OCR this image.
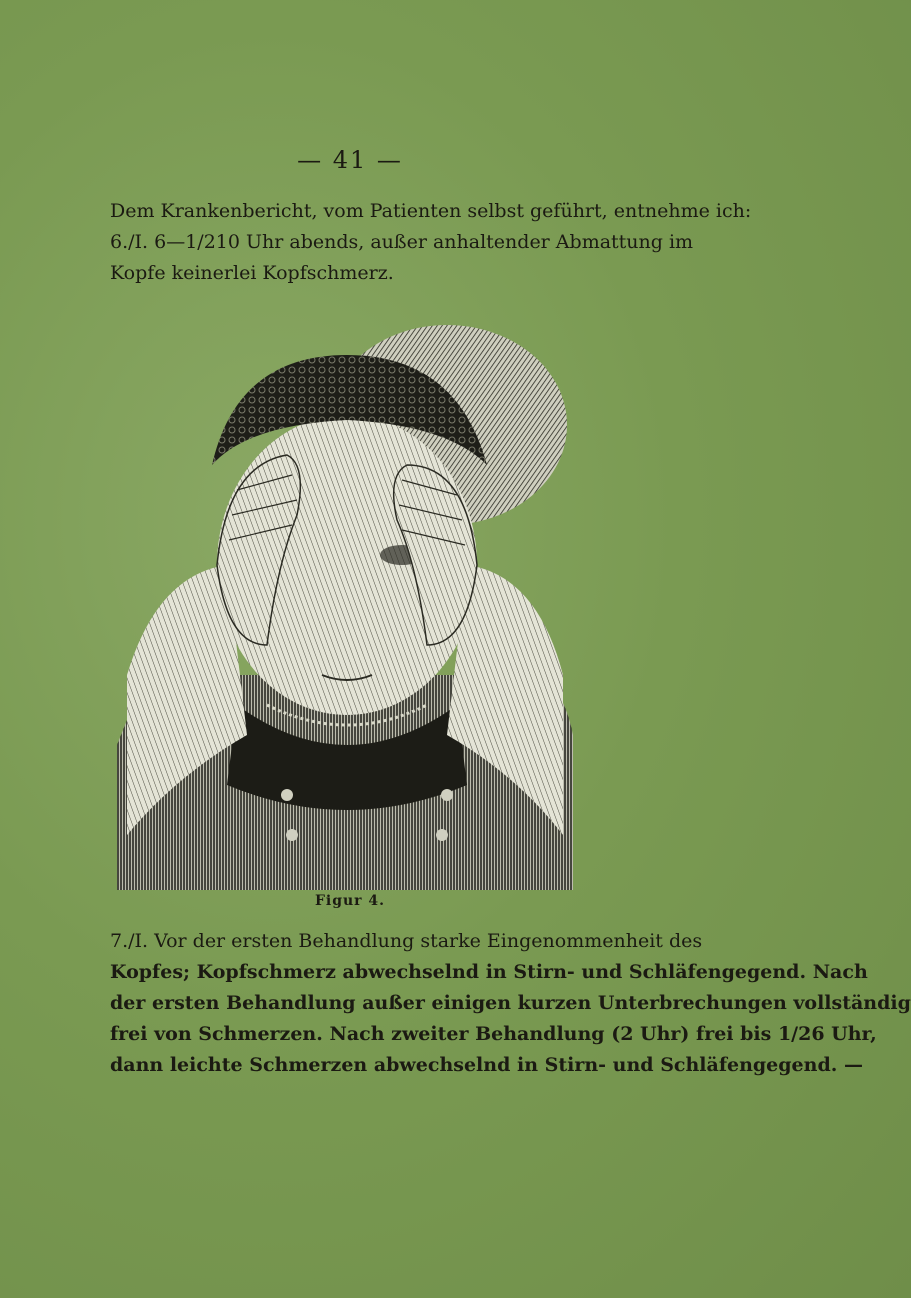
— 41 —
Dem Krankenbericht, vom Patienten selbst geführt, entnehme ich:
6./I. 6—1/210 Uhr abends, außer anhaltender Abmattung im
Kopfe keinerlei Kopfschmerz.
Figur 4.
7./I. Vor der ersten Behandlung starke Eingenommenheit des
Kopfes; Kopfschmerz abwechselnd in Stirn- und Schläfengegend. Nach
der ersten Behandlung außer einigen kurzen Unterbrechungen vollständig
frei von Schmerzen. Nach zweiter Behandlung (2 Uhr) frei bis 1/26 Uhr,
dann leichte Schmerzen abwechselnd in Stirn- und Schläfengegend. —
